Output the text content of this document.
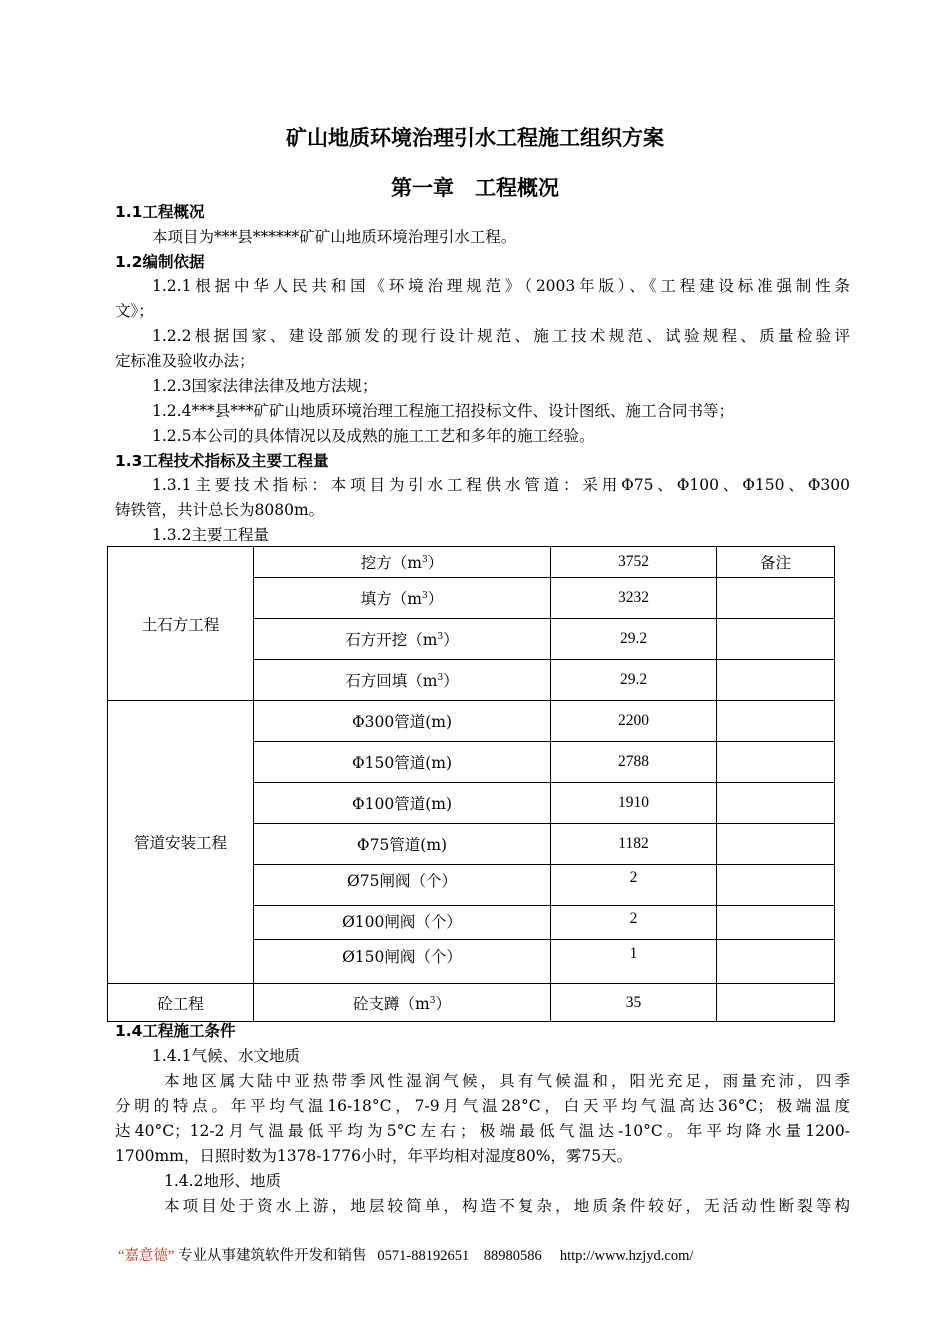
矿山地质环境治理引水工程施工组织方案
第一章　工程概况
1.1工程概况
本项目为***县******矿矿山地质环境治理引水工程。
1.2编制依据
1.2.1根据中华人民共和国《环境治理规范》（2003年版）、《工程建设标准强制性条
文》；
1.2.2根据国家、建设部颁发的现行设计规范、施工技术规范、试验规程、质量检验评
定标准及验收办法；
1.2.3国家法律法律及地方法规；
1.2.4***县***矿矿山地质环境治理工程施工招投标文件、设计图纸、施工合同书等；
1.2.5本公司的具体情况以及成熟的施工工艺和多年的施工经验。
1.3工程技术指标及主要工程量
1.3.1主要技术指标：本项目为引水工程供水管道：采用Φ75、Φ100、Φ150、Φ300
铸铁管，共计总长为8080m。
1.3.2主要工程量
土石方工程	挖方$(m^3)$	3752	备注
	填方$(m^3)$	3232	
	石方开挖$(m^3)$	29.2	
	石方回填$(m^3)$	29.2	
管道安装工程	Φ300管道(m)	2200	
	Φ150管道(m)	2788	
	Φ100管道(m)	1910	
	Φ75管道(m)	1182	
	Ø75闸阀（个）	2	
	Ø100闸阀（个）	2	
	Ø150闸阀（个）	1	
砼工程	砼支蹲$(m^3)$	35	
1.4工程施工条件
1.4.1气候、水文地质
本地区属大陆中亚热带季风性湿润气候，具有气候温和，阳光充足，雨量充沛，四季
分明的特点。年平均气温16-18°C，7-9月气温28°C，白天平均气温高达36°C；极端温度
达40°C；12-2月气温最低平均为5°C左右；极端最低气温达-10°C。年平均降水量1200-
1700mm，日照时数为1378-1776小时，年平均相对湿度80%，雾75天。
1.4.2地形、地质
本项目处于资水上游，地层较简单，构造不复杂，地质条件较好，无活动性断裂等构
“嘉意德” 专业从事建筑软件开发和销售 0571-88192651　88980586 http://www.hzjyd.com/
